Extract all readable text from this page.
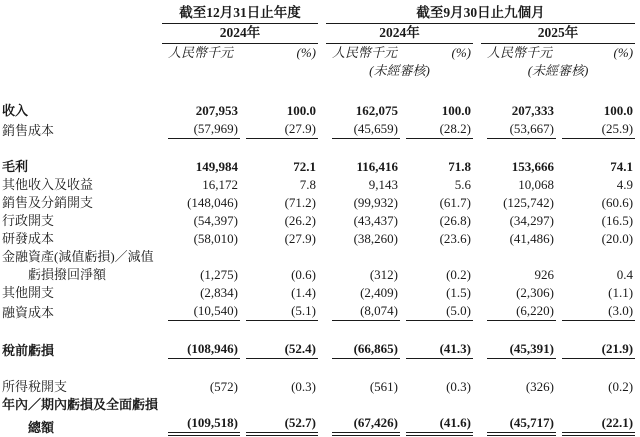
	截至12月31日止年度			截至9月30日止九個月				
	2024年			2024年			2025年	
	人民幣千元	(%)		人民幣千元	(%)		人民幣千元	(%)
				(未經審核)			(未經審核)	

收入	207,953	100.0		162,075	100.0		207,333	100.0

銷售成本	(57,969)	(27.9)		(45,659)	(28.2)		(53,667)	(25.9)

毛利	149,984	72.1		116,416	71.8		153,666	74.1

其他收入及收益	16,172	7.8		9,143	5.6		10,068	4.9

銷售及分銷開支	(148,046)	(71.2)		(99,932)	(61.7)		(125,742)	(60.6)

行政開支	(54,397)	(26.2)		(43,437)	(26.8)		(34,297)	(16.5)

研發成本	(58,010)	(27.9)		(38,260)	(23.6)		(41,486)	(20.0)

金融資產(減值虧損)／減值								
虧損撥回淨額	(1,275)	(0.6)		(312)	(0.2)		926	0.4

其他開支	(2,834)	(1.4)		(2,409)	(1.5)		(2,306)	(1.1)

融資成本	(10,540)	(5.1)		(8,074)	(5.0)		(6,220)	(3.0)

稅前虧損	(108,946)	(52.4)		(66,865)	(41.3)		(45,391)	(21.9)

所得稅開支	(572)	(0.3)		(561)	(0.3)		(326)	(0.2)

年內／期內虧損及全面虧損								
總額	(109,518)	(52.7)		(67,426)	(41.6)		(45,717)	(22.1)
